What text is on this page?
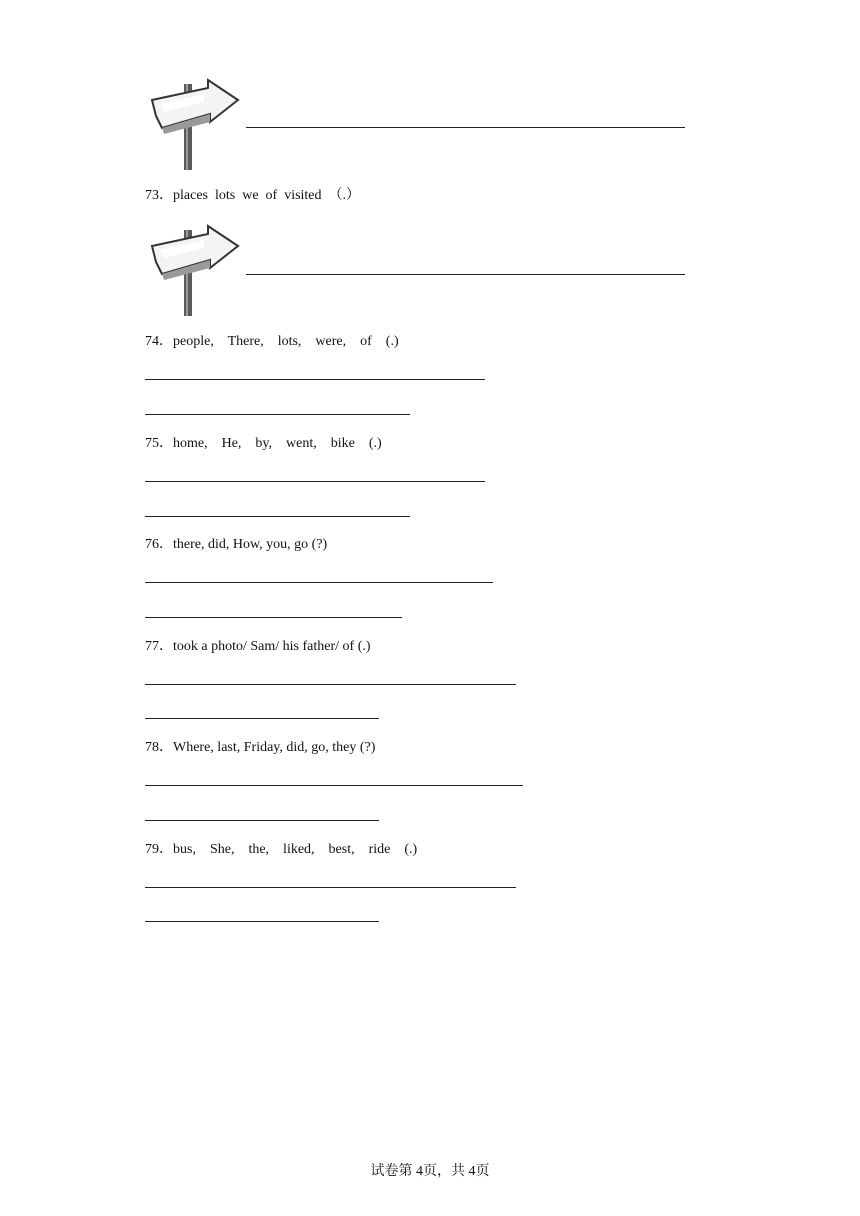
73．places  lots  we  of  visited  （.）
74．people,    There,    lots,    were,    of    (.)
75．home,    He,    by,    went,    bike    (.)
76．there, did, How, you, go (?)
77．took a photo/ Sam/ his father/ of (.)
78．Where, last, Friday, did, go, they (?)
79．bus,    She,    the,    liked,    best,    ride    (.)
试卷第 4页，共 4页
